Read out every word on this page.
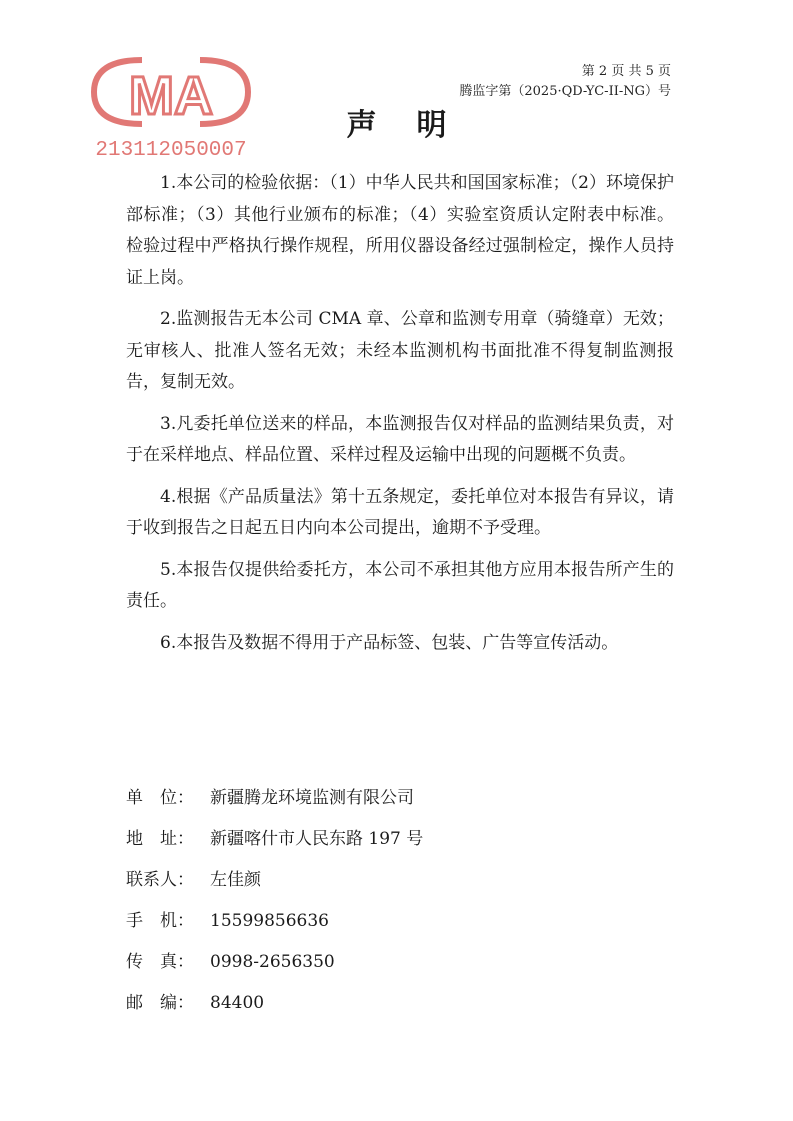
第 2 页 共 5 页
腾监字第（2025·QD-YC-II-NG）号
MA
213112050007
声明

1.本公司的检验依据：（1）中华人民共和国国家标准；（2）环境保护部标准；（3）其他行业颁布的标准；（4）实验室资质认定附表中标准。检验过程中严格执行操作规程，所用仪器设备经过强制检定，操作人员持证上岗。

2.监测报告无本公司 CMA 章、公章和监测专用章（骑缝章）无效；无审核人、批准人签名无效；未经本监测机构书面批准不得复制监测报告，复制无效。

3.凡委托单位送来的样品，本监测报告仅对样品的监测结果负责，对于在采样地点、样品位置、采样过程及运输中出现的问题概不负责。

4.根据《产品质量法》第十五条规定，委托单位对本报告有异议，请于收到报告之日起五日内向本公司提出，逾期不予受理。

5.本报告仅提供给委托方，本公司不承担其他方应用本报告所产生的责任。

6.本报告及数据不得用于产品标签、包装、广告等宣传活动。

单　位： 新疆腾龙环境监测有限公司
地　址： 新疆喀什市人民东路 197 号
联系人： 左佳颜
手　机： 15599856636
传　真： 0998-2656350
邮　编： 84400
